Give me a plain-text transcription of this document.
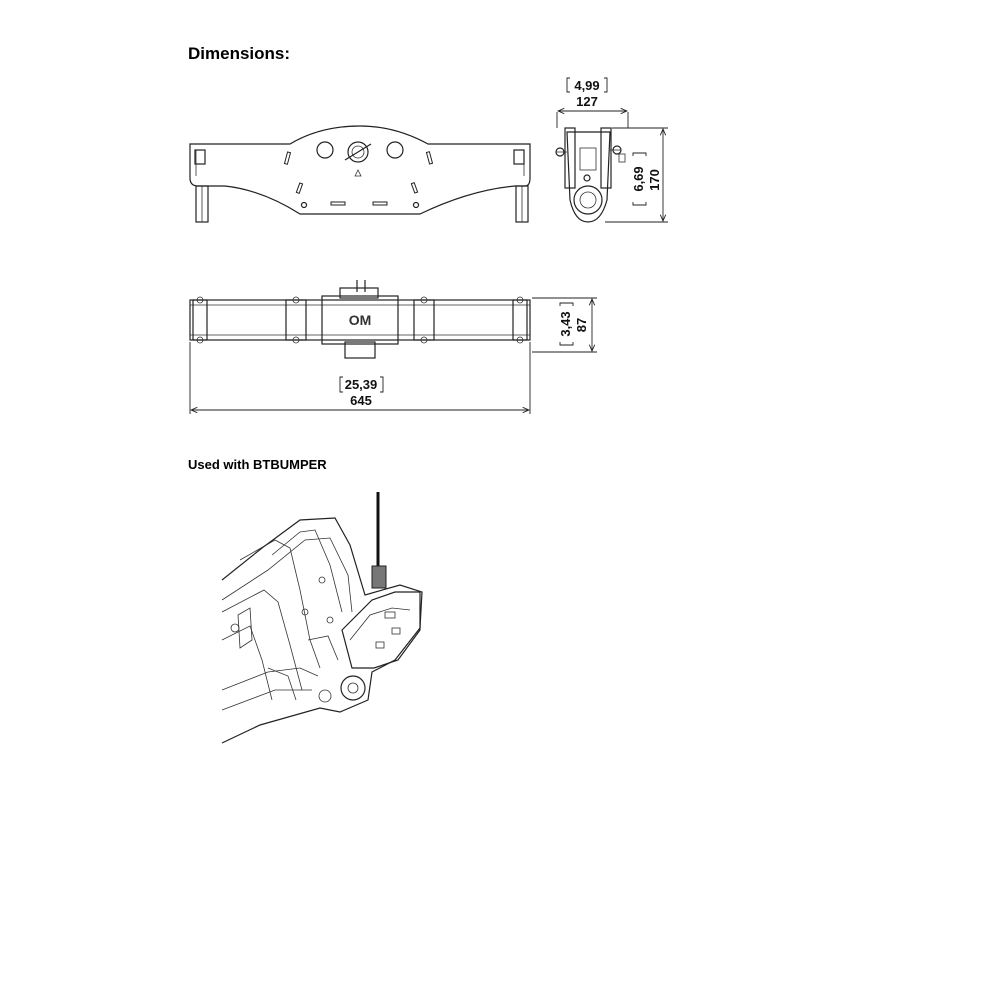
Dimensions:
Used with BTBUMPER
4,99
127
6,69 170
OM	3,43 87
25,39
645
